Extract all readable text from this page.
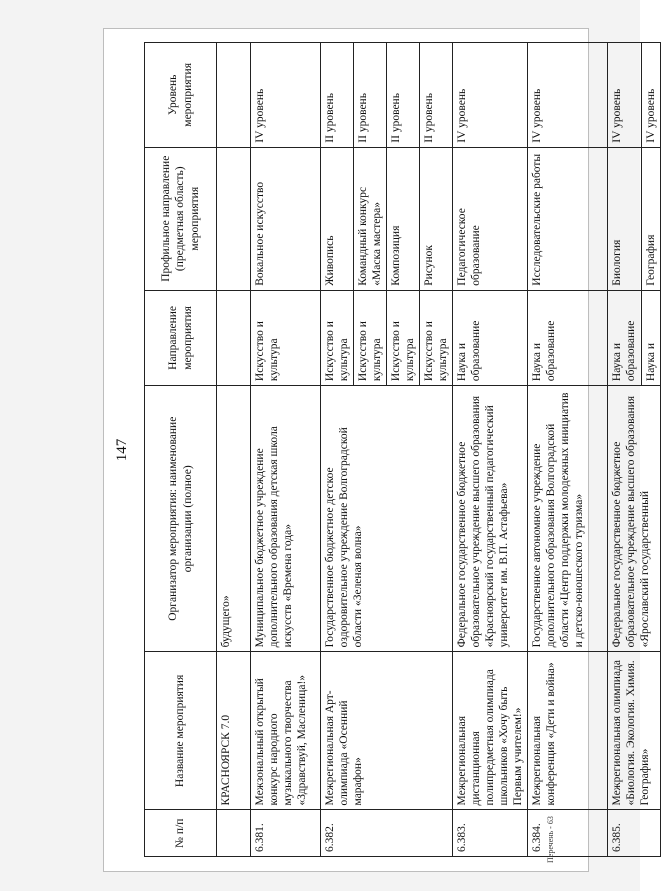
147
№ п/п	Название мероприятия	Организатор мероприятия: наименование организации (полное)	Направление мероприятия	Профильное направление (предметная область) мероприятия	Уровень мероприятия
	КРАСНОЯРСК 7.0	будущего»			
6.381.	Межзональный открытый конкурс народного музыкального творчества «Здравствуй, Масленица!»	Муниципальное бюджетное учреждение дополнительного образования детская школа искусств «Времена года»	Искусство и культура	Вокальное искусство	IV уровень
6.382.	Межрегиональная Арт-олимпиада «Осенний марафон»	Государственное бюджетное детское оздоровительное учреждение Волгоградской области «Зеленая волна»	Искусство и культура	Живопись	II уровень
			Искусство и культура	Командный конкурс «Маска мастера»	II уровень
			Искусство и культура	Композиция	II уровень
			Искусство и культура	Рисунок	II уровень
6.383.	Межрегиональная дистанционная полипредметная олимпиада школьников «Хочу быть Первым учителем!»	Федеральное государственное бюджетное образовательное учреждение высшего образования «Красноярский государственный педагогический университет им. В.П. Астафьева»	Наука и образование	Педагогическое образование	IV уровень
6.384.	Межрегиональная конференция «Дети и война»	Государственное автономное учреждение дополнительного образования Волгоградской области «Центр поддержки молодежных инициатив и детско-юношеского туризма»	Наука и образование	Исследовательские работы	IV уровень
6.385.	Межрегиональная олимпиада «Биология. Экология. Химия. География»	Федеральное государственное бюджетное образовательное учреждение высшего образования «Ярославский государственный	Наука и образование	Биология	IV уровень
			Наука и	География	IV уровень
Перечень - 63
